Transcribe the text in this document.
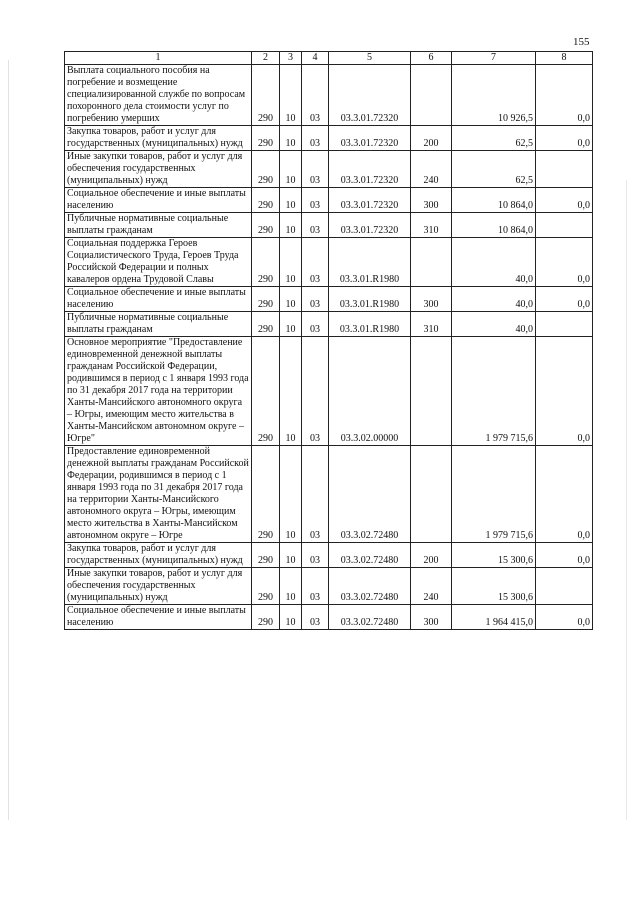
155
1	2	3	4	5	6	7	8
Выплата социального пособия на погребение и возмещение специализированной службе по вопросам похоронного дела стоимости услуг по погребению умерших	290	10	03	03.3.01.72320		10 926,5	0,0
Закупка товаров, работ и услуг для государственных (муниципальных) нужд	290	10	03	03.3.01.72320	200	62,5	0,0
Иные закупки товаров, работ и услуг для обеспечения государственных (муниципальных) нужд	290	10	03	03.3.01.72320	240	62,5	
Социальное обеспечение и иные выплаты населению	290	10	03	03.3.01.72320	300	10 864,0	0,0
Публичные нормативные социальные выплаты гражданам	290	10	03	03.3.01.72320	310	10 864,0	
Социальная поддержка Героев Социалистического Труда, Героев Труда Российской Федерации и полных кавалеров ордена Трудовой Славы	290	10	03	03.3.01.R1980		40,0	0,0
Социальное обеспечение и иные выплаты населению	290	10	03	03.3.01.R1980	300	40,0	0,0
Публичные нормативные социальные выплаты гражданам	290	10	03	03.3.01.R1980	310	40,0	
Основное мероприятие "Предоставление единовременной денежной выплаты гражданам Российской Федерации, родившимся в период с 1 января 1993 года по 31 декабря 2017 года на территории Ханты-Мансийского автономного округа – Югры, имеющим место жительства в Ханты-Мансийском автономном округе – Югре"	290	10	03	03.3.02.00000		1 979 715,6	0,0
Предоставление единовременной денежной выплаты гражданам Российской Федерации, родившимся в период с 1 января 1993 года по 31 декабря 2017 года на территории Ханты-Мансийского автономного округа – Югры, имеющим место жительства в Ханты-Мансийском автономном округе – Югре	290	10	03	03.3.02.72480		1 979 715,6	0,0
Закупка товаров, работ и услуг для государственных (муниципальных) нужд	290	10	03	03.3.02.72480	200	15 300,6	0,0
Иные закупки товаров, работ и услуг для обеспечения государственных (муниципальных) нужд	290	10	03	03.3.02.72480	240	15 300,6	
Социальное обеспечение и иные выплаты населению	290	10	03	03.3.02.72480	300	1 964 415,0	0,0
